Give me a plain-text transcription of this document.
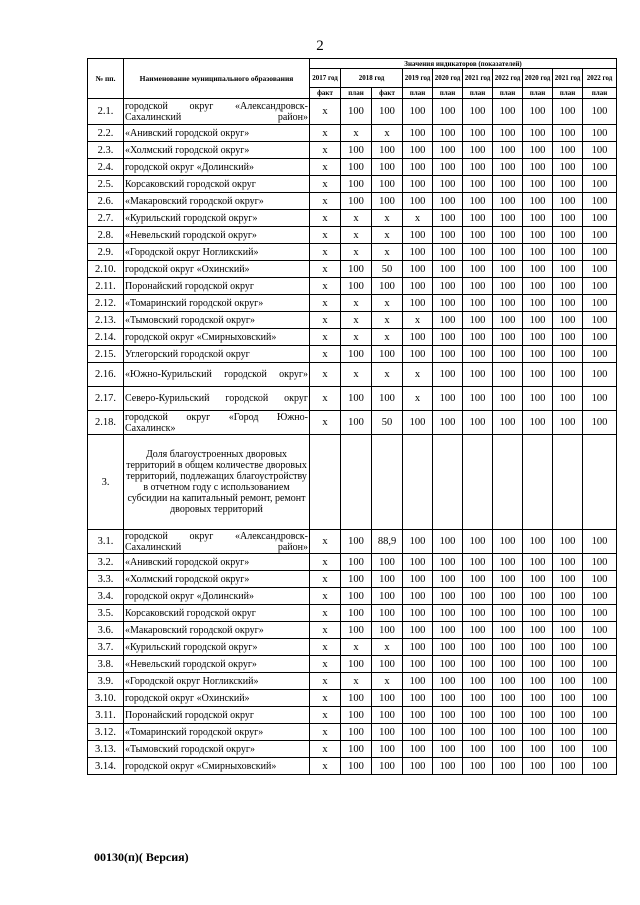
2
№ пп.	Наименование муниципального образования	Значения индикаторов (показателей)									
		2017 год	2018 год		2019 год	2020 год	2021 год	2022 год	2020 год	2021 год	2022 год
		факт	план	факт	план	план	план	план	план	план	план
2.1.	городской округ «Александровск-Сахалинский район»	x	100	100	100	100	100	100	100	100	100
2.2.	«Анивский городской округ»	x	x	x	100	100	100	100	100	100	100
2.3.	«Холмский городской округ»	x	100	100	100	100	100	100	100	100	100
2.4.	городской округ «Долинский»	x	100	100	100	100	100	100	100	100	100
2.5.	Корсаковский городской округ	x	100	100	100	100	100	100	100	100	100
2.6.	«Макаровский городской округ»	x	100	100	100	100	100	100	100	100	100
2.7.	«Курильский городской округ»	x	x	x	x	100	100	100	100	100	100
2.8.	«Невельский городской округ»	x	x	x	100	100	100	100	100	100	100
2.9.	«Городской округ Ногликский»	x	x	x	100	100	100	100	100	100	100
2.10.	городской округ «Охинский»	x	100	50	100	100	100	100	100	100	100
2.11.	Поронайский городской округ	x	100	100	100	100	100	100	100	100	100
2.12.	«Томаринский городской округ»	x	x	x	100	100	100	100	100	100	100
2.13.	«Тымовский городской округ»	x	x	x	x	100	100	100	100	100	100
2.14.	городской округ «Смирныховский»	x	x	x	100	100	100	100	100	100	100
2.15.	Углегорский городской округ	x	100	100	100	100	100	100	100	100	100
2.16.	«Южно-Курильский городской округ»	x	x	x	x	100	100	100	100	100	100
2.17.	Северо-Курильский городской округ	x	100	100	x	100	100	100	100	100	100
2.18.	городской округ «Город Южно-Сахалинск»	x	100	50	100	100	100	100	100	100	100
3.	Доля благоустроенных дворовых территорий в общем количестве дворовых территорий, подлежащих благоустройству в отчетном году с использованием субсидии на капитальный ремонт, ремонт дворовых территорий										
3.1.	городской округ «Александровск-Сахалинский район»	x	100	88,9	100	100	100	100	100	100	100
3.2.	«Анивский городской округ»	x	100	100	100	100	100	100	100	100	100
3.3.	«Холмский городской округ»	x	100	100	100	100	100	100	100	100	100
3.4.	городской округ «Долинский»	x	100	100	100	100	100	100	100	100	100
3.5.	Корсаковский городской округ	x	100	100	100	100	100	100	100	100	100
3.6.	«Макаровский городской округ»	x	100	100	100	100	100	100	100	100	100
3.7.	«Курильский городской округ»	x	x	x	100	100	100	100	100	100	100
3.8.	«Невельский городской округ»	x	100	100	100	100	100	100	100	100	100
3.9.	«Городской округ Ногликский»	x	x	x	100	100	100	100	100	100	100
3.10.	городской округ «Охинский»	x	100	100	100	100	100	100	100	100	100
3.11.	Поронайский городской округ	x	100	100	100	100	100	100	100	100	100
3.12.	«Томаринский городской округ»	x	100	100	100	100	100	100	100	100	100
3.13.	«Тымовский городской округ»	x	100	100	100	100	100	100	100	100	100
3.14.	городской округ «Смирныховский»	x	100	100	100	100	100	100	100	100	100
00130(п)( Версия)
